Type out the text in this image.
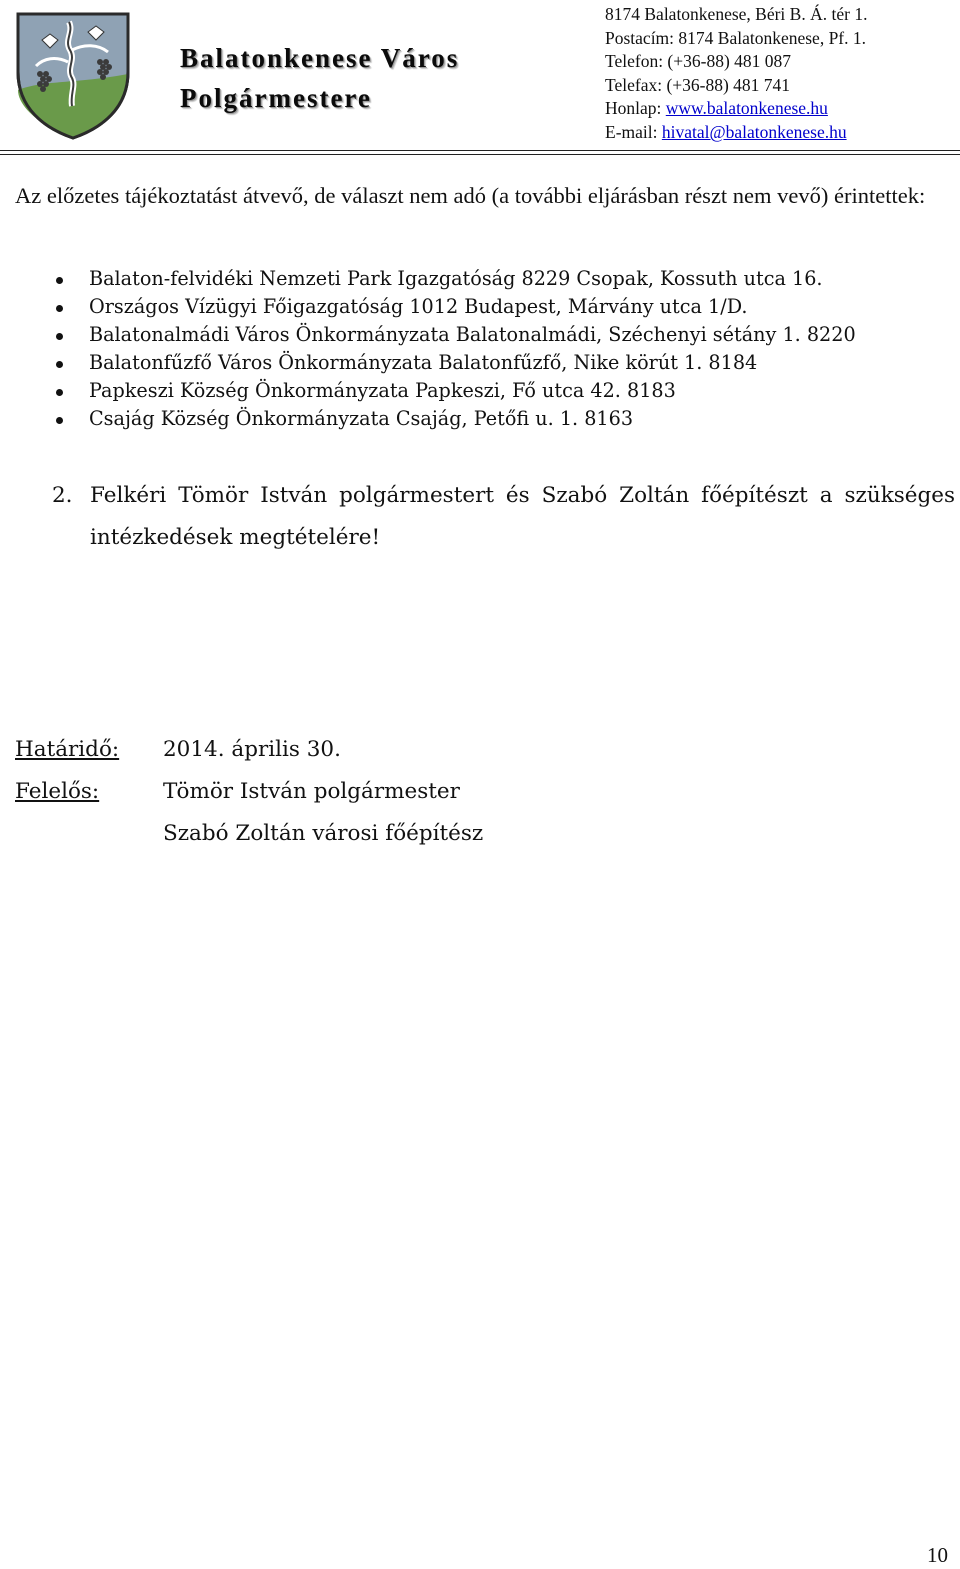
Balatonkenese Város
Polgármestere
8174 Balatonkenese, Béri B. Á. tér 1.
Postacím: 8174 Balatonkenese, Pf. 1.
Telefon: (+36-88) 481 087
Telefax: (+36-88) 481 741
Honlap: www.balatonkenese.hu
E-mail: hivatal@balatonkenese.hu
Az előzetes tájékoztatást átvevő, de választ nem adó (a további eljárásban részt nem vevő) érintettek:
Balaton-felvidéki Nemzeti Park Igazgatóság 8229 Csopak, Kossuth utca 16.
Országos Vízügyi Főigazgatóság 1012 Budapest, Márvány utca 1/D.
Balatonalmádi Város Önkormányzata Balatonalmádi, Széchenyi sétány 1. 8220
Balatonfűzfő Város Önkormányzata Balatonfűzfő, Nike körút 1. 8184
Papkeszi Község Önkormányzata Papkeszi, Fő utca 42. 8183
Csajág Község Önkormányzata Csajág, Petőfi u. 1. 8163
2. Felkéri Tömör István polgármestert és Szabó Zoltán főépítészt a szükséges intézkedések megtételére!
Határidő: 2014. április 30.
Felelős:	Tömör István polgármester
Szabó Zoltán városi főépítész
10
